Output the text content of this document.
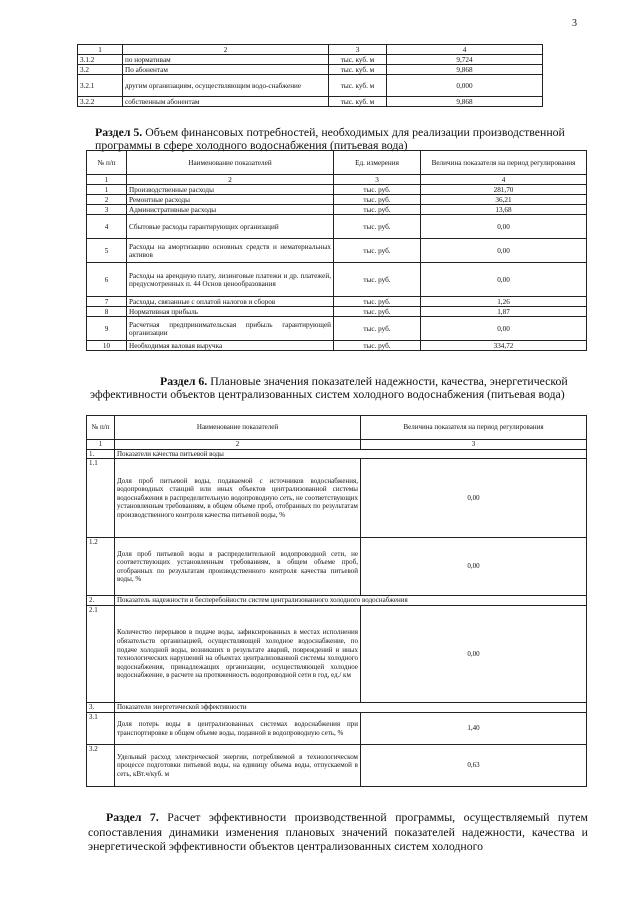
3
1	2	3	4
3.1.2	по нормативам	тыс. куб. м	9,724
3.2	По абонентам	тыс. куб. м	9,868
3.2.1	другим организациям, осуществляющим водо-снабжение	тыс. куб. м	0,000
3.2.2	собственным абонентам	тыс. куб. м	9,868

Раздел 5. Объем финансовых потребностей, необходимых для реализации производственной программы в сфере холодного водоснабжения (питьевая вода)

№ п/п	Наименование показателей	Ед. измерения	Величина показателя на период регулирования
1	2	3	4
1	Производственные расходы	тыс. руб.	281,70
2	Ремонтные расходы	тыс. руб.	36,21
3	Административные расходы	тыс. руб.	13,68
4	Сбытовые расходы гарантирующих организаций	тыс. руб.	0,00
5	Расходы на амортизацию основных средств и нематериальных активов	тыс. руб.	0,00
6	Расходы на арендную плату, лизинговые платежи и др. платежей, предусмотренных п. 44 Основ ценообразования	тыс. руб.	0,00
7	Расходы, связанные с оплатой налогов и сборов	тыс. руб.	1,26
8	Нормативная прибыль	тыс. руб.	1,87
9	Расчетная предпринимательская прибыль гарантирующей организации	тыс. руб.	0,00
10	Необходимая валовая выручка	тыс. руб.	334,72

Раздел 6. Плановые значения показателей надежности, качества, энергетической эффективности объектов централизованных систем холодного водоснабжения (питьевая вода)

№ п/п	Наименование показателей	Величина показателя на период регулирования
1	2	3
1.	Показатели качества питьевой воды	
1.1	Доля проб питьевой воды, подаваемой с источников водоснабжения, водопроводных станций или иных объектов централизованной системы водоснабжения в распределительную водопроводную сеть, не соответствующих установленным требованиям, в общем объеме проб, отобранных по результатам производственного контроля качества питьевой воды, %	0,00
1.2	Доля проб питьевой воды в распределительной водопроводной сети, не соответствующих установленным требованиям, в общем объеме проб, отобранных по результатам производственного контроля качества питьевой воды, %	0,00
2.	Показатель надежности и бесперебойности систем централизованного холодного водоснабжения	
2.1	Количество перерывов в подаче воды, зафиксированных в местах исполнения обязательств организацией, осуществляющей холодное водоснабжение, по подаче холодной воды, возникших в результате аварий, повреждений и иных технологических нарушений на объектах централизованной системы холодного водоснабжения, принадлежащих организации, осуществляющей холодное водоснабжение, в расчете на протяженность водопроводной сети в год, ед./ км	0,00
3.	Показатели энергетической эффективности	
3.1	Доля потерь воды в централизованных системах водоснабжения при транспортировке в общем объеме воды, поданной в водопроводную сеть, %	1,40
3.2	Удельный расход электрической энергии, потребляемой в технологическом процессе подготовки питьевой воды, на единицу объема воды, отпускаемой в сеть, кВт.ч/куб. м	0,63

Раздел 7. Расчет эффективности производственной программы, осуществляемый путем сопоставления динамики изменения плановых значений показателей надежности, качества и энергетической эффективности объектов централизованных систем холодного
